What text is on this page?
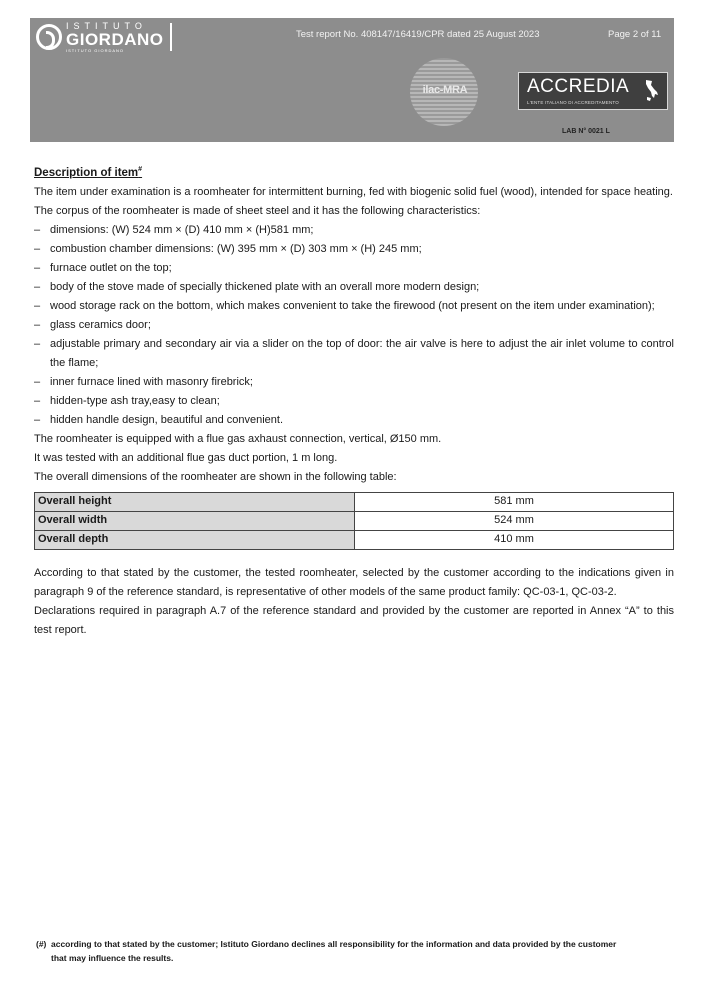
ISTITUTO
GIORDANO
ISTITUTO GIORDANO
Test report No. 408147/16419/CPR dated 25 August 2023	Page 2 of 11
ilac-MRA	ACCREDIA
L'ENTE ITALIANO DI ACCREDITAMENTO
LAB N° 0021 L
Description of item#

The item under examination is a roomheater for intermittent burning, fed with biogenic solid fuel (wood), intended for space heating.

The corpus of the roomheater is made of sheet steel and it has the following characteristics:

– dimensions: (W) 524 mm × (D) 410 mm × (H)581 mm;
– combustion chamber dimensions: (W) 395 mm × (D) 303 mm × (H) 245 mm;
– furnace outlet on the top;
– body of the stove made of specially thickened plate with an overall more modern design;
– wood storage rack on the bottom, which makes convenient to take the firewood (not present on the item under examination);
– glass ceramics door;
– adjustable primary and secondary air via a slider on the top of door: the air valve is here to adjust the air inlet volume to control the flame;
– inner furnace lined with masonry firebrick;
– hidden-type ash tray,easy to clean;
– hidden handle design, beautiful and convenient.

The roomheater is equipped with a flue gas axhaust connection, vertical, Ø150 mm.

It was tested with an additional flue gas duct portion, 1 m long.

The overall dimensions of the roomheater are shown in the following table:

Overall height	581 mm
Overall width	524 mm
Overall depth	410 mm

According to that stated by the customer, the tested roomheater, selected by the customer according to the indications given in paragraph 9 of the reference standard, is representative of other models of the same product family: QC-03-1, QC-03-2.

Declarations required in paragraph A.7 of the reference standard and provided by the customer are reported in Annex “A” to this test report.

(#) according to that stated by the customer; Istituto Giordano declines all responsibility for the information and data provided by the customer
that may influence the results.
